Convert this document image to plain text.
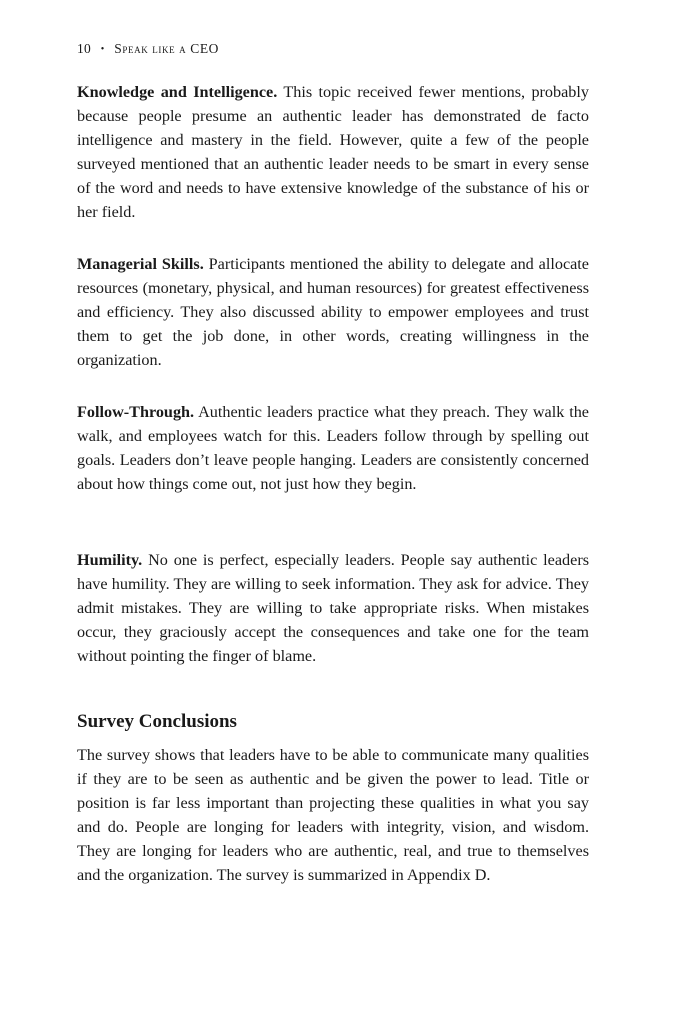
10 • Speak like a CEO

Knowledge and Intelligence. This topic received fewer mentions, probably because people presume an authentic leader has demonstrated de facto intelligence and mastery in the field. However, quite a few of the people surveyed mentioned that an authentic leader needs to be smart in every sense of the word and needs to have extensive knowledge of the substance of his or her field.

Managerial Skills. Participants mentioned the ability to delegate and allocate resources (monetary, physical, and human resources) for greatest effectiveness and efficiency. They also discussed ability to empower employees and trust them to get the job done, in other words, creating willingness in the organization.

Follow-Through. Authentic leaders practice what they preach. They walk the walk, and employees watch for this. Leaders follow through by spelling out goals. Leaders don’t leave people hanging. Leaders are consistently concerned about how things come out, not just how they begin.

Humility. No one is perfect, especially leaders. People say authentic leaders have humility. They are willing to seek information. They ask for advice. They admit mistakes. They are willing to take appropriate risks. When mistakes occur, they graciously accept the consequences and take one for the team without pointing the finger of blame.

Survey Conclusions

The survey shows that leaders have to be able to communicate many qualities if they are to be seen as authentic and be given the power to lead. Title or position is far less important than projecting these qualities in what you say and do. People are longing for leaders with integrity, vision, and wisdom. They are longing for leaders who are authentic, real, and true to themselves and the organization. The survey is summarized in Appendix D.
